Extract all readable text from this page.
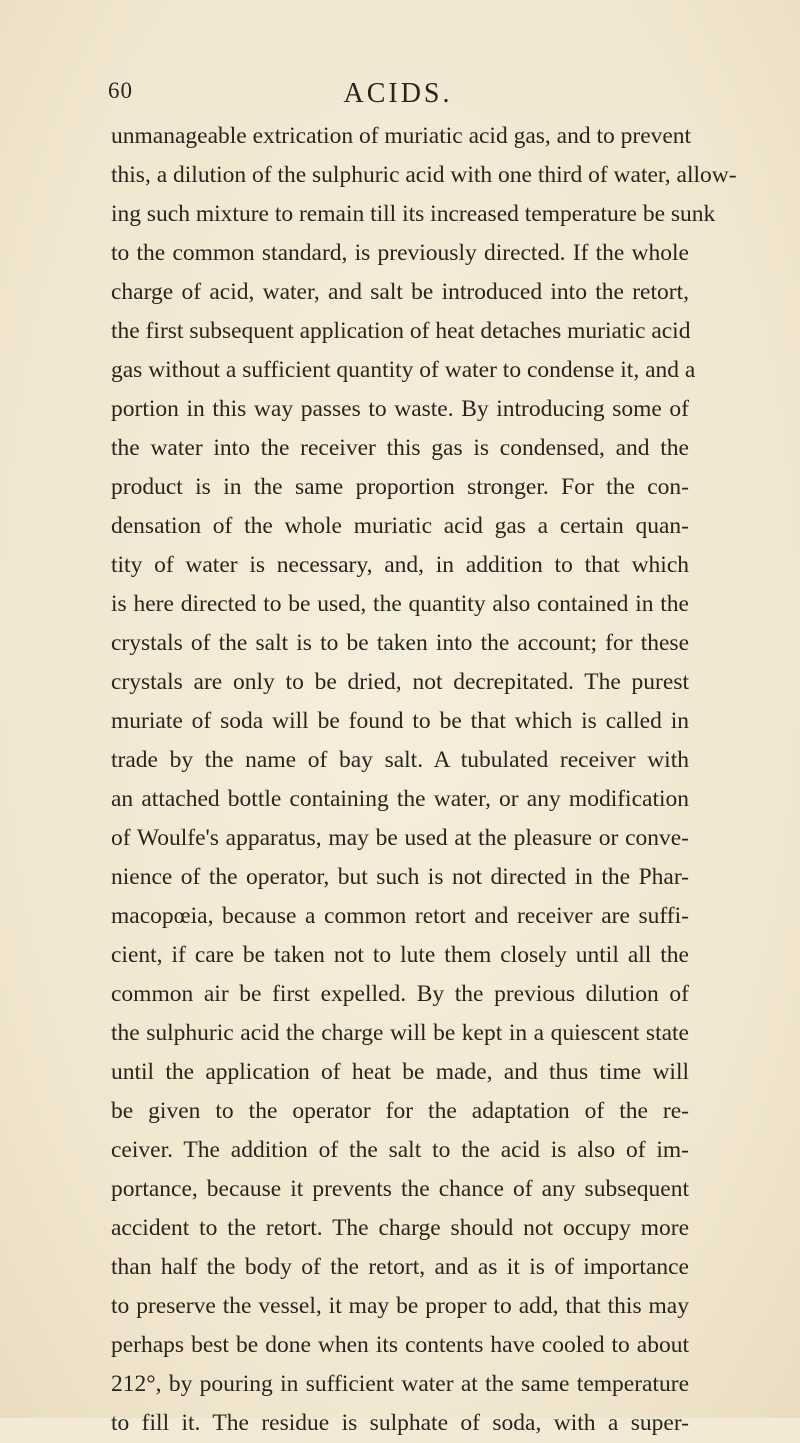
60	ACIDS.
unmanageable extrication of muriatic acid gas, and to prevent
this, a dilution of the sulphuric acid with one third of water, allow-
ing such mixture to remain till its increased temperature be sunk
to the common standard, is previously directed. If the whole
charge of acid, water, and salt be introduced into the retort,
the first subsequent application of heat detaches muriatic acid
gas without a sufficient quantity of water to condense it, and a
portion in this way passes to waste. By introducing some of
the water into the receiver this gas is condensed, and the
product is in the same proportion stronger. For the con-
densation of the whole muriatic acid gas a certain quan-
tity of water is necessary, and, in addition to that which
is here directed to be used, the quantity also contained in the
crystals of the salt is to be taken into the account; for these
crystals are only to be dried, not decrepitated. The purest
muriate of soda will be found to be that which is called in
trade by the name of bay salt. A tubulated receiver with
an attached bottle containing the water, or any modification
of Woulfe's apparatus, may be used at the pleasure or conve-
nience of the operator, but such is not directed in the Phar-
macopœia, because a common retort and receiver are suffi-
cient, if care be taken not to lute them closely until all the
common air be first expelled. By the previous dilution of
the sulphuric acid the charge will be kept in a quiescent state
until the application of heat be made, and thus time will
be given to the operator for the adaptation of the re-
ceiver. The addition of the salt to the acid is also of im-
portance, because it prevents the chance of any subsequent
accident to the retort. The charge should not occupy more
than half the body of the retort, and as it is of importance
to preserve the vessel, it may be proper to add, that this may
perhaps best be done when its contents have cooled to about
212°, by pouring in sufficient water at the same temperature
to fill it. The residue is sulphate of soda, with a super-
